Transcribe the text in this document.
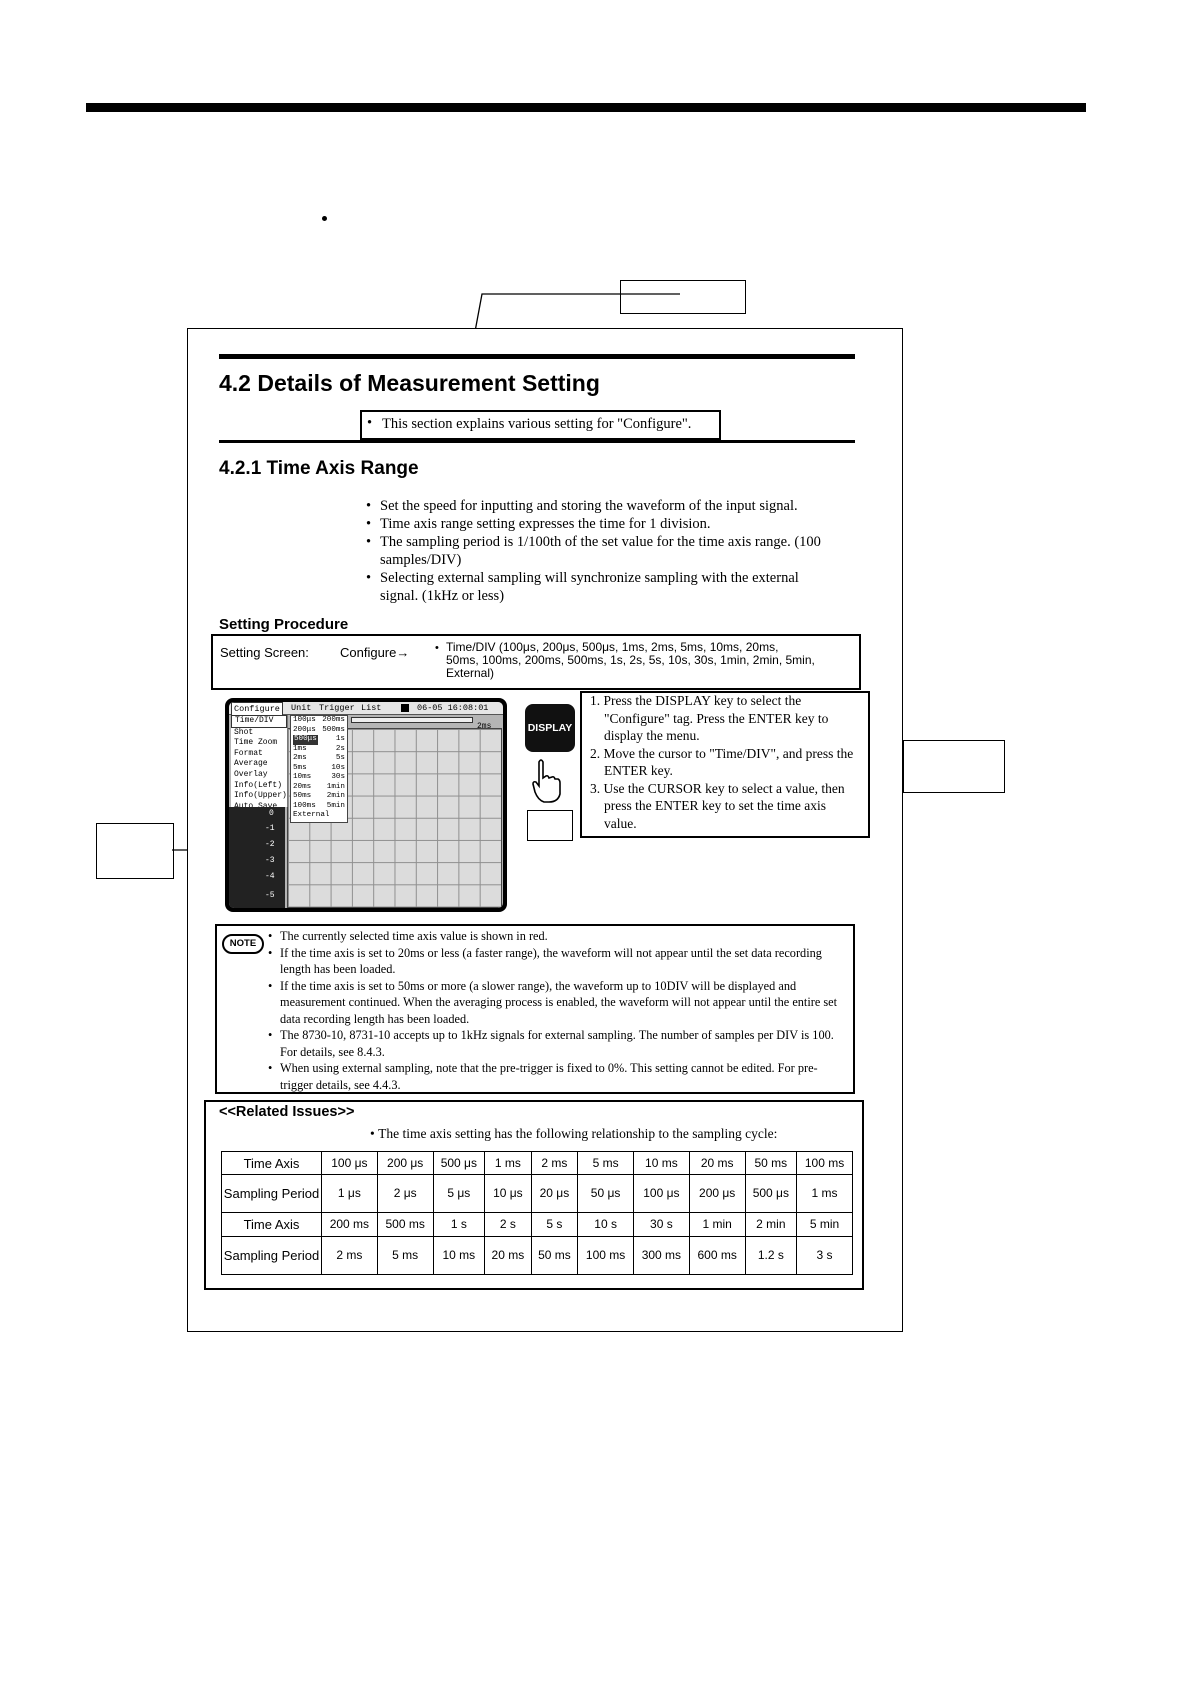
4.2 Details of Measurement Setting
• This section explains various setting for "Configure".
4.2.1 Time Axis Range
• Set the speed for inputting and storing the waveform of the input signal.
• Time axis range setting expresses the time for 1 division.
• The sampling period is 1/100th of the set value for the time axis range. (100 samples/DIV)
• Selecting external sampling will synchronize sampling with the external signal. (1kHz or less)
Setting Procedure
Setting Screen: Configure→ • Time/DIV (100μs, 200μs, 500μs, 1ms, 2ms, 5ms, 10ms, 20ms,
50ms, 100ms, 200ms, 500ms, 1s, 2s, 5s, 10s, 30s, 1min, 2min, 5min,
External)
Configure	Unit Trigger List	06-05 16:08:01
2ms
Time/DIV
Shot
Time Zoom
Format
Average
Overlay
Info(Left)
Info(Upper)
100μs 200ms
200μs 500ms
500μs	1s
1ms	2s
2ms	5s
5ms	10s
10ms	30s
20ms 1min
50ms 2min
100ms 5min
External
0
-1
-2
-3
-4
-5
DISPLAY
1. Press the DISPLAY key to select the "Configure" tag. Press the ENTER key to display the menu.
2. Move the cursor to "Time/DIV", and press the ENTER key.
3. Use the CURSOR key to select a value, then press the ENTER key to set the time axis value.
NOTE
• The currently selected time axis value is shown in red.
• If the time axis is set to 20ms or less (a faster range), the waveform will not appear until the set data recording length has been loaded.
• If the time axis is set to 50ms or more (a slower range), the waveform up to 10DIV will be displayed and measurement continued. When the averaging process is enabled, the waveform will not appear until the entire set data recording length has been loaded.
• The 8730-10, 8731-10 accepts up to 1kHz signals for external sampling. The number of samples per DIV is 100. For details, see 8.4.3.
• When using external sampling, note that the pre-trigger is fixed to 0%. This setting cannot be edited. For pre-trigger details, see 4.4.3.
<<Related Issues>>
• The time axis setting has the following relationship to the sampling cycle:
Time Axis	100 μs	200 μs	500 μs	1 ms	2 ms	5 ms	10 ms	20 ms	50 ms	100 ms
Sampling Period	1 μs	2 μs	5 μs	10 μs	20 μs	50 μs	100 μs	200 μs	500 μs	1 ms
Time Axis	200 ms	500 ms	1 s	2 s	5 s	10 s	30 s	1 min	2 min	5 min
Sampling Period	2 ms	5 ms	10 ms	20 ms	50 ms	100 ms	300 ms	600 ms	1.2 s	3 s
